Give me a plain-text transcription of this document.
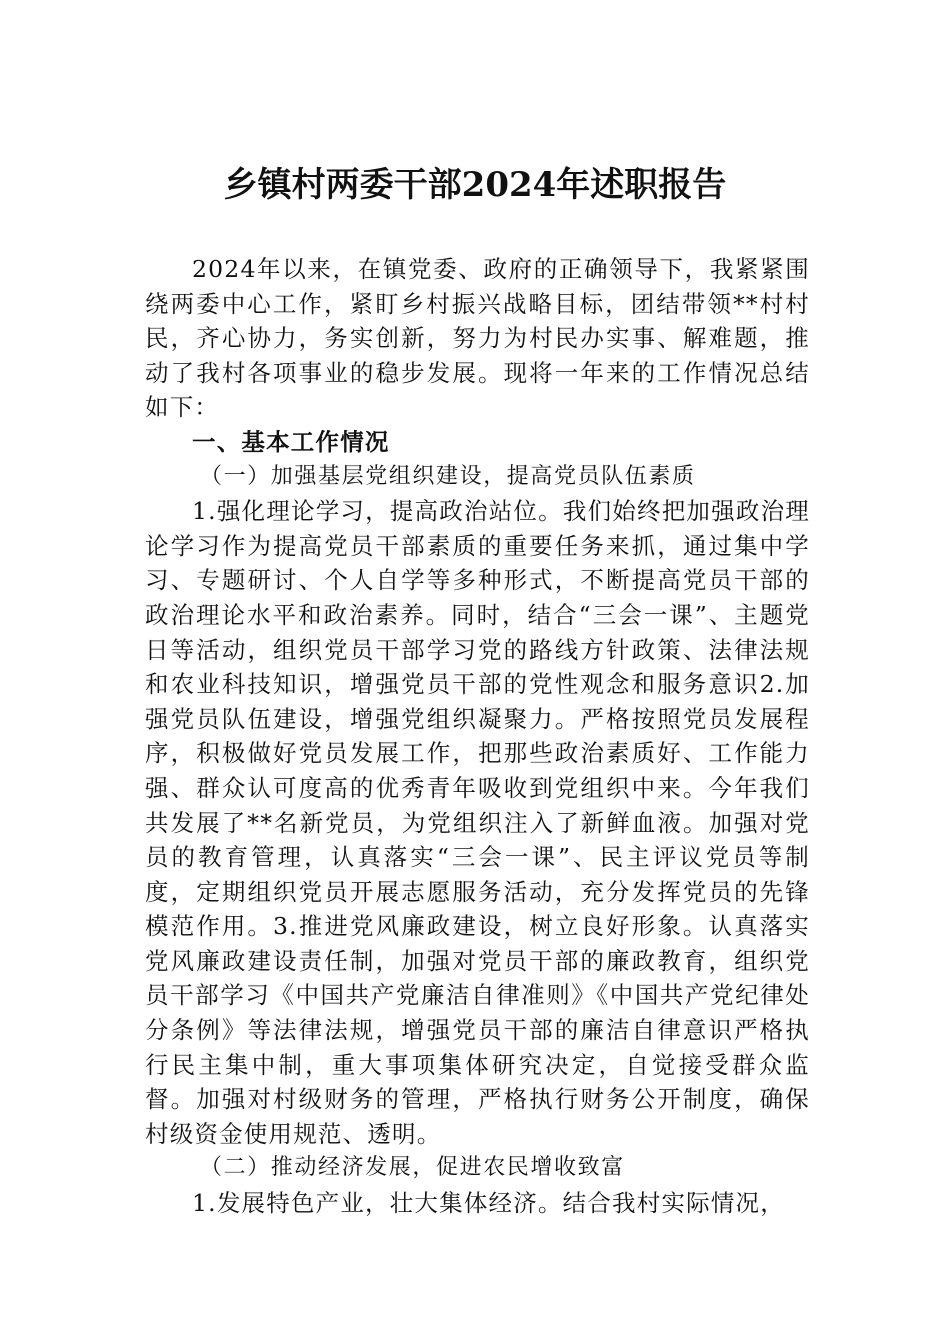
乡镇村两委干部2024年述职报告

2024年以来，在镇党委、政府的正确领导下，我紧紧围绕两委中心工作，紧盯乡村振兴战略目标，团结带领**村村民，齐心协力，务实创新，努力为村民办实事、解难题，推动了我村各项事业的稳步发展。现将一年来的工作情况总结如下：

一、基本工作情况

（一）加强基层党组织建设，提高党员队伍素质

1.强化理论学习，提高政治站位。我们始终把加强政治理论学习作为提高党员干部素质的重要任务来抓，通过集中学习、专题研讨、个人自学等多种形式，不断提高党员干部的政治理论水平和政治素养。同时，结合“三会一课”、主题党日等活动，组织党员干部学习党的路线方针政策、法律法规和农业科技知识，增强党员干部的党性观念和服务意识2.加强党员队伍建设，增强党组织凝聚力。严格按照党员发展程序，积极做好党员发展工作，把那些政治素质好、工作能力强、群众认可度高的优秀青年吸收到党组织中来。今年我们共发展了**名新党员，为党组织注入了新鲜血液。加强对党员的教育管理，认真落实“三会一课”、民主评议党员等制度，定期组织党员开展志愿服务活动，充分发挥党员的先锋模范作用。3.推进党风廉政建设，树立良好形象。认真落实党风廉政建设责任制，加强对党员干部的廉政教育，组织党员干部学习《中国共产党廉洁自律准则》《中国共产党纪律处分条例》等法律法规，增强党员干部的廉洁自律意识严格执行民主集中制，重大事项集体研究决定，自觉接受群众监督。加强对村级财务的管理，严格执行财务公开制度，确保村级资金使用规范、透明。

（二）推动经济发展，促进农民增收致富

1.发展特色产业，壮大集体经济。结合我村实际情况，
